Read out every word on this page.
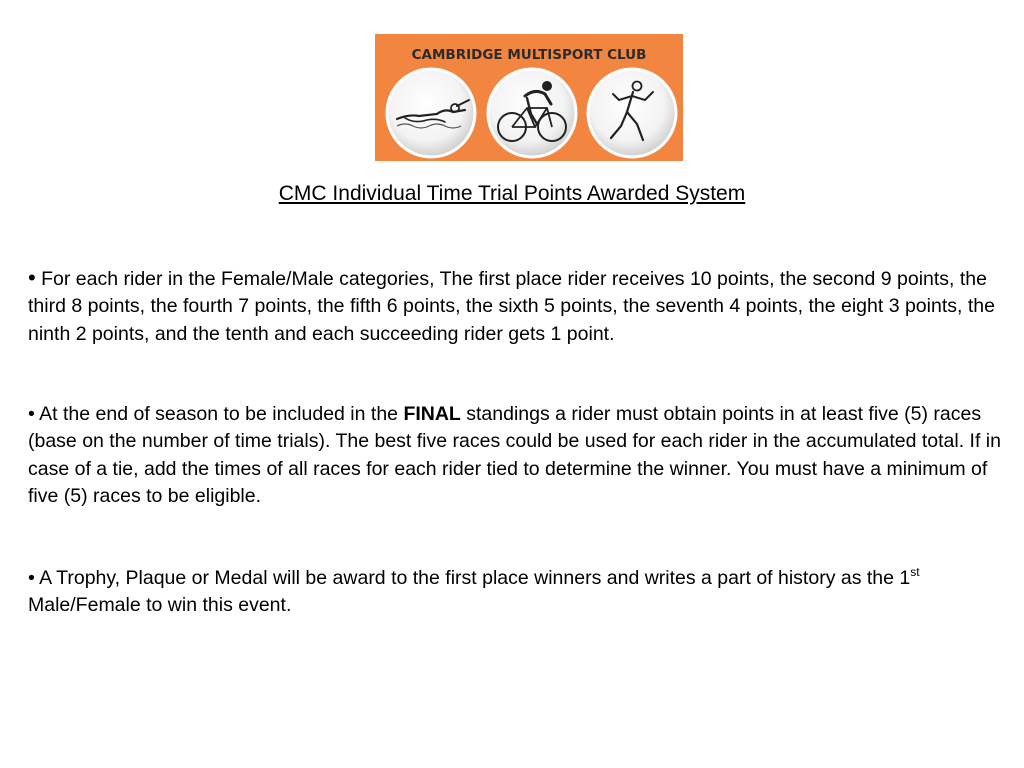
CAMBRIDGE MULTISPORT CLUB
CMC Individual Time Trial Points Awarded System
• For each rider in the Female/Male categories, The first place rider receives 10 points, the second 9 points, the third 8 points, the fourth 7 points, the fifth 6 points, the sixth 5 points, the seventh 4 points, the eight 3 points, the ninth 2 points, and the tenth and each succeeding rider gets 1 point.
• At the end of season to be included in the FINAL standings a rider must obtain points in at least five (5) races (base on the number of time trials). The best five races could be used for each rider in the accumulated total. If in case of a tie, add the times of all races for each rider tied to determine the winner. You must have a minimum of five (5) races to be eligible.
• A Trophy, Plaque or Medal will be award to the first place winners and writes a part of history as the 1st Male/Female to win this event.
